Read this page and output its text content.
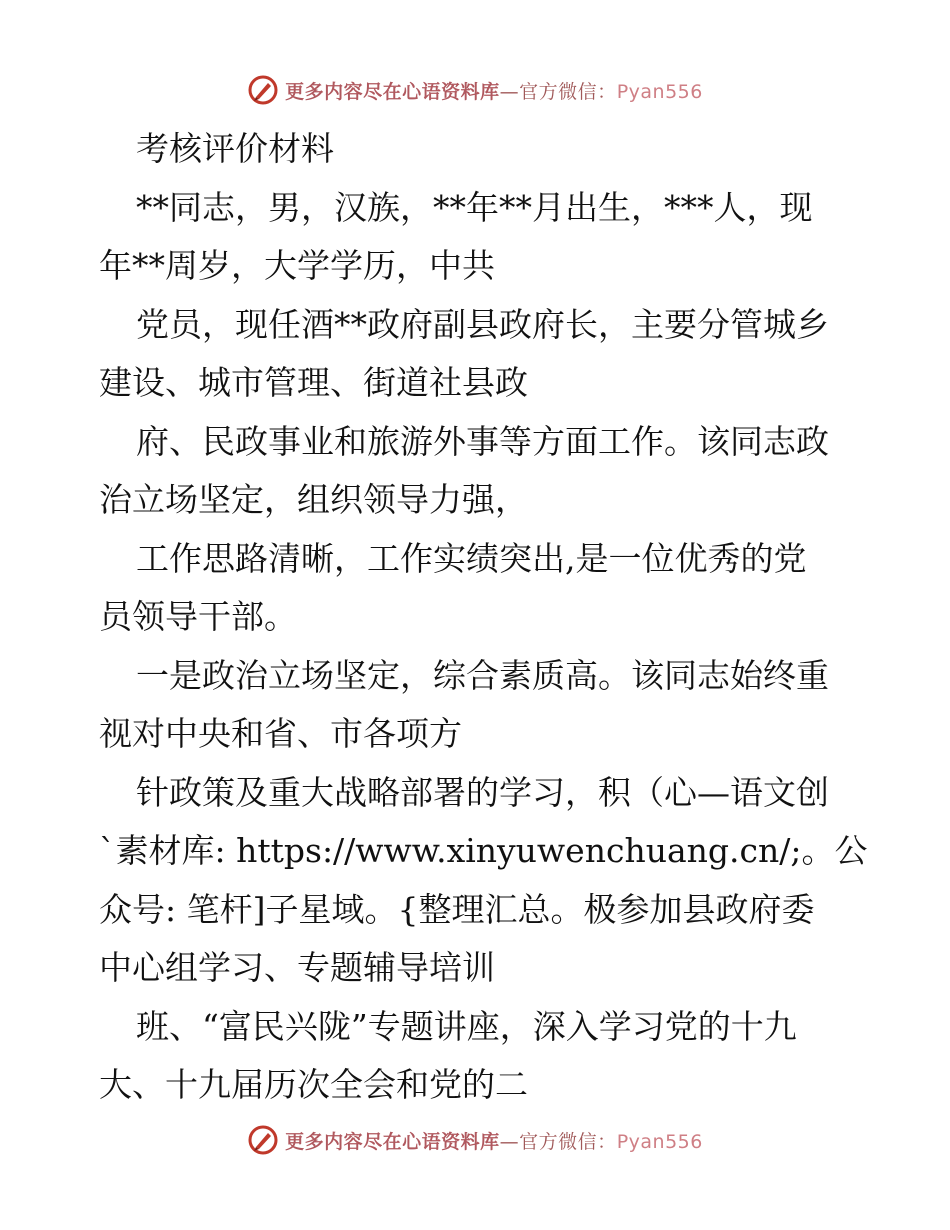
更多内容尽在心语资料库—官方微信：Pyan556
考核评价材料
**同志，男，汉族，**年**月出生，***人，现
年**周岁，大学学历，中共
党员，现任酒**政府副县政府长，主要分管城乡
建设、城市管理、街道社县政
府、民政事业和旅游外事等方面工作。该同志政
治立场坚定，组织领导力强，
工作思路清晰，工作实绩突出,是一位优秀的党
员领导干部。
一是政治立场坚定，综合素质高。该同志始终重
视对中央和省、市各项方
针政策及重大战略部署的学习，积（心—语文创
`素材库: https://www.xinyuwenchuang.cn/;。公
众号: 笔杆]子星域。{整理汇总。极参加县政府委
中心组学习、专题辅导培训
班、“富民兴陇”专题讲座，深入学习党的十九
大、十九届历次全会和党的二
更多内容尽在心语资料库—官方微信：Pyan556
